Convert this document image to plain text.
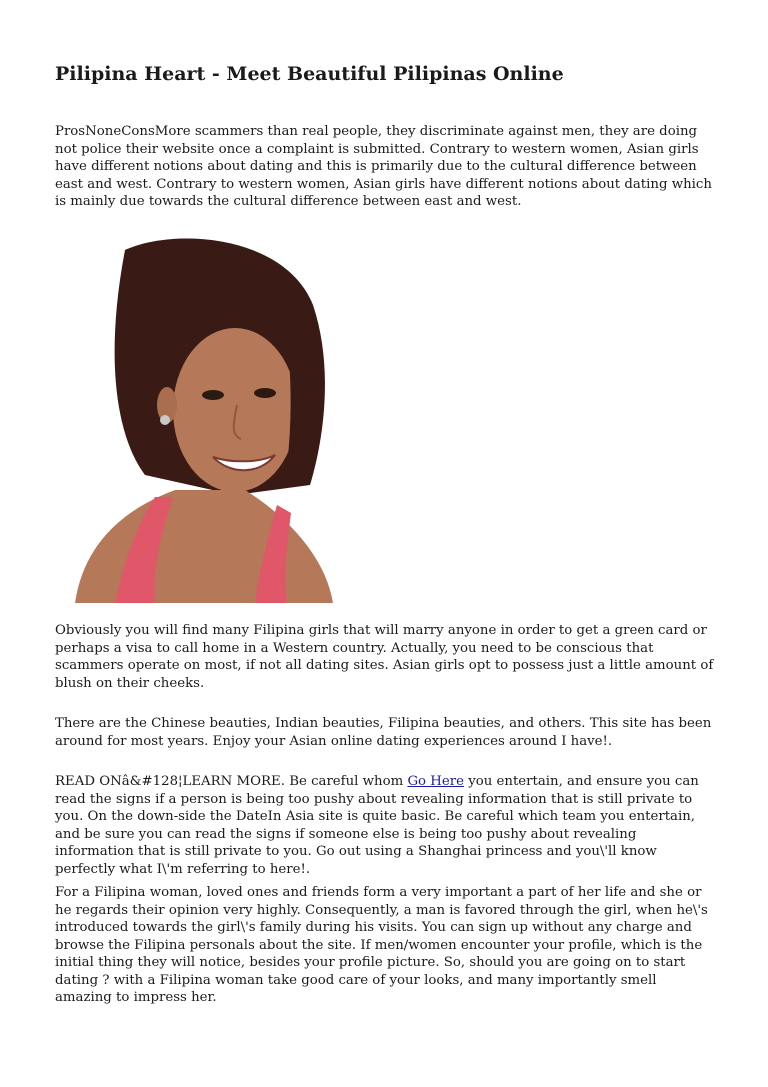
Pilipina Heart - Meet Beautiful Pilipinas Online

ProsNoneConsMore scammers than real people, they discriminate against men, they are doing not police their website once a complaint is submitted. Contrary to western women, Asian girls have different notions about dating and this is primarily due to the cultural difference between east and west. Contrary to western women, Asian girls have different notions about dating which is mainly due towards the cultural difference between east and west.

Obviously you will find many Filipina girls that will marry anyone in order to get a green card or perhaps a visa to call home in a Western country. Actually, you need to be conscious that scammers operate on most, if not all dating sites. Asian girls opt to possess just a little amount of blush on their cheeks.

There are the Chinese beauties, Indian beauties, Filipina beauties, and others. This site has been around for most years. Enjoy your Asian online dating experiences around I have!.

READ ONâ&#128¦LEARN MORE. Be careful whom Go Here you entertain, and ensure you can read the signs if a person is being too pushy about revealing information that is still private to you. On the down-side the DateIn Asia site is quite basic. Be careful which team you entertain, and be sure you can read the signs if someone else is being too pushy about revealing information that is still private to you. Go out using a Shanghai princess and you\'ll know perfectly what I\'m referring to here!.

For a Filipina woman, loved ones and friends form a very important a part of her life and she or he regards their opinion very highly. Consequently, a man is favored through the girl, when he\'s introduced towards the girl\'s family during his visits. You can sign up without any charge and browse the Filipina personals about the site. If men/women encounter your profile, which is the initial thing they will notice, besides your profile picture. So, should you are going on to start dating ? with a Filipina woman take good care of your looks, and many importantly smell amazing to impress her.
